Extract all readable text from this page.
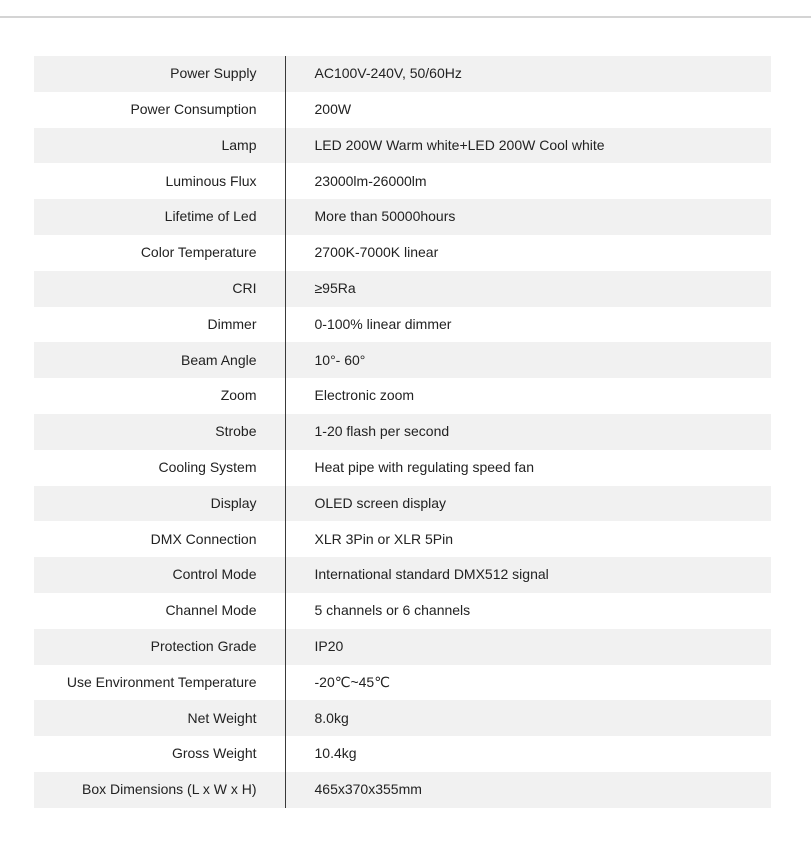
Power Supply	AC100V-240V, 50/60Hz
Power Consumption	200W
Lamp	LED 200W Warm white+LED 200W Cool white
Luminous Flux	23000lm-26000lm
Lifetime of Led	More than 50000hours
Color Temperature	2700K-7000K linear
CRI	≥95Ra
Dimmer	0-100% linear dimmer
Beam Angle	10°- 60°
Zoom	Electronic zoom
Strobe	1-20 flash per second
Cooling System	Heat pipe with regulating speed fan
Display	OLED screen display
DMX Connection	XLR 3Pin or XLR 5Pin
Control Mode	International standard DMX512 signal
Channel Mode	5 channels or 6 channels
Protection Grade	IP20
Use Environment Temperature	-20℃~45℃
Net Weight	8.0kg
Gross Weight	10.4kg
Box Dimensions (L x W x H)	465x370x355mm
